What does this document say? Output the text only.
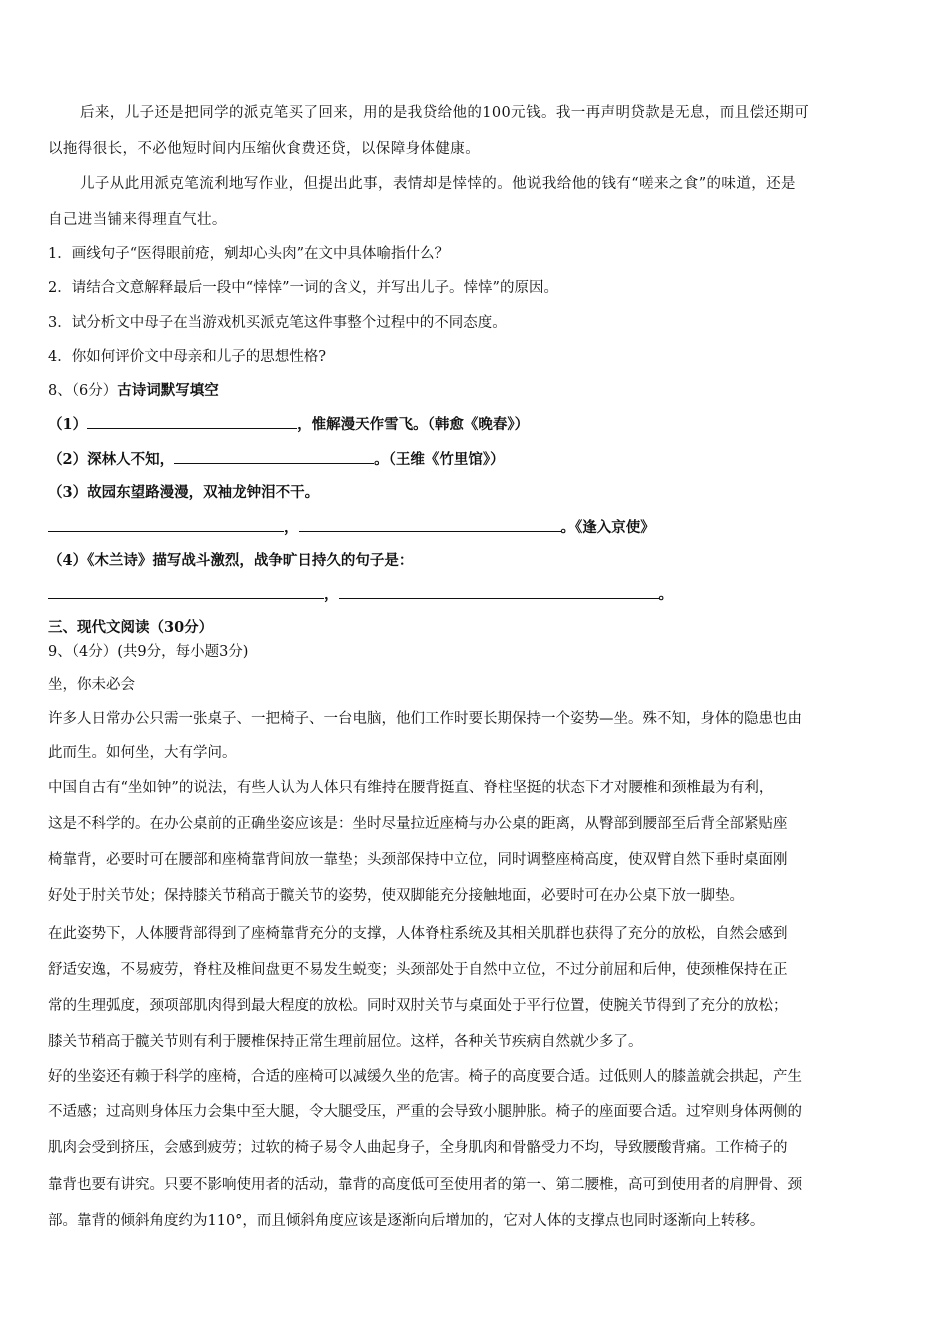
后来，儿子还是把同学的派克笔买了回来，用的是我贷给他的100元钱。我一再声明贷款是无息，而且偿还期可
以拖得很长，不必他短时间内压缩伙食费还贷，以保障身体健康。
儿子从此用派克笔流利地写作业，但提出此事，表情却是悻悻的。他说我给他的钱有“嗟来之食”的味道，还是
自己进当铺来得理直气壮。
1．画线句子“医得眼前疮，剜却心头肉”在文中具体喻指什么？
2．请结合文意解释最后一段中“悻悻”一词的含义，并写出儿子。悻悻”的原因。
3．试分析文中母子在当游戏机买派克笔这件事整个过程中的不同态度。
4．你如何评价文中母亲和儿子的思想性格?
8、（6分）古诗词默写填空
（1）	，惟解漫天作雪飞。（韩愈《晚春》）
（2）深林人不知，	。（王维《竹里馆》）
（3）故园东望路漫漫，双袖龙钟泪不干。
，	。《逢入京使》
（4）《木兰诗》描写战斗激烈，战争旷日持久的句子是：
，	。
三、现代文阅读（30分）
9、（4分）(共9分，每小题3分)
坐，你未必会
许多人日常办公只需一张桌子、一把椅子、一台电脑，他们工作时要长期保持一个姿势—坐。殊不知，身体的隐患也由
此而生。如何坐，大有学问。
中国自古有“坐如钟”的说法，有些人认为人体只有维持在腰背挺直、脊柱坚挺的状态下才对腰椎和颈椎最为有利，
这是不科学的。在办公桌前的正确坐姿应该是：坐时尽量拉近座椅与办公桌的距离，从臀部到腰部至后背全部紧贴座
椅靠背，必要时可在腰部和座椅靠背间放一靠垫；头颈部保持中立位，同时调整座椅高度，使双臂自然下垂时桌面刚
好处于肘关节处；保持膝关节稍高于髋关节的姿势，使双脚能充分接触地面，必要时可在办公桌下放一脚垫。
在此姿势下，人体腰背部得到了座椅靠背充分的支撑，人体脊柱系统及其相关肌群也获得了充分的放松，自然会感到
舒适安逸，不易疲劳，脊柱及椎间盘更不易发生蜕变；头颈部处于自然中立位，不过分前屈和后伸，使颈椎保持在正
常的生理弧度，颈项部肌肉得到最大程度的放松。同时双肘关节与桌面处于平行位置，使腕关节得到了充分的放松；
膝关节稍高于髋关节则有利于腰椎保持正常生理前屈位。这样，各种关节疾病自然就少多了。
好的坐姿还有赖于科学的座椅，合适的座椅可以减缓久坐的危害。椅子的高度要合适。过低则人的膝盖就会拱起，产生
不适感；过高则身体压力会集中至大腿，令大腿受压，严重的会导致小腿肿胀。椅子的座面要合适。过窄则身体两侧的
肌肉会受到挤压，会感到疲劳；过软的椅子易令人曲起身子，全身肌肉和骨骼受力不均，导致腰酸背痛。工作椅子的
靠背也要有讲究。只要不影响使用者的活动，靠背的高度低可至使用者的第一、第二腰椎，高可到使用者的肩胛骨、颈
部。靠背的倾斜角度约为110°，而且倾斜角度应该是逐渐向后增加的，它对人体的支撑点也同时逐渐向上转移。
